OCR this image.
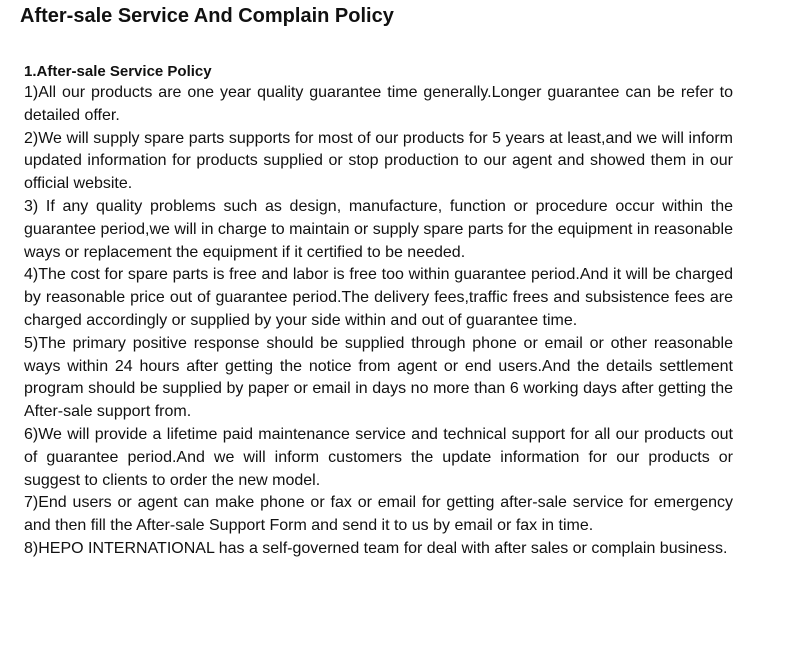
After-sale Service And Complain Policy
1.After-sale Service Policy
1)All our products are one year quality guarantee time generally.Longer guarantee can be refer to detailed offer.
2)We will supply spare parts supports for most of our products for 5 years at least,and we will inform updated information for products supplied or stop production to our agent and showed them in our official website.
3) If any quality problems such as design, manufacture, function or procedure occur within the guarantee period,we will in charge to maintain or supply spare parts for the equipment in reasonable ways or replacement the equipment if it certified to be needed.
4)The cost for spare parts is free and labor is free too within guarantee period.And it will be charged by reasonable price out of guarantee period.The delivery fees,traffic frees and subsistence fees are charged accordingly or supplied by your side within and out of guarantee time.
5)The primary positive response should be supplied through phone or email or other reasonable ways within 24 hours after getting the notice from agent or end users.And the details settlement program should be supplied by paper or email in days no more than 6 working days after getting the After-sale support from.
6)We will provide a lifetime paid maintenance service and technical support for all our products out of guarantee period.And we will inform customers the update information for our products or suggest to clients to order the new model.
7)End users or agent can make phone or fax or email for getting after-sale service for emergency and then fill the After-sale Support Form and send it to us by email or fax in time.
8)HEPO INTERNATIONAL has a self-governed team for deal with after sales or complain business.
